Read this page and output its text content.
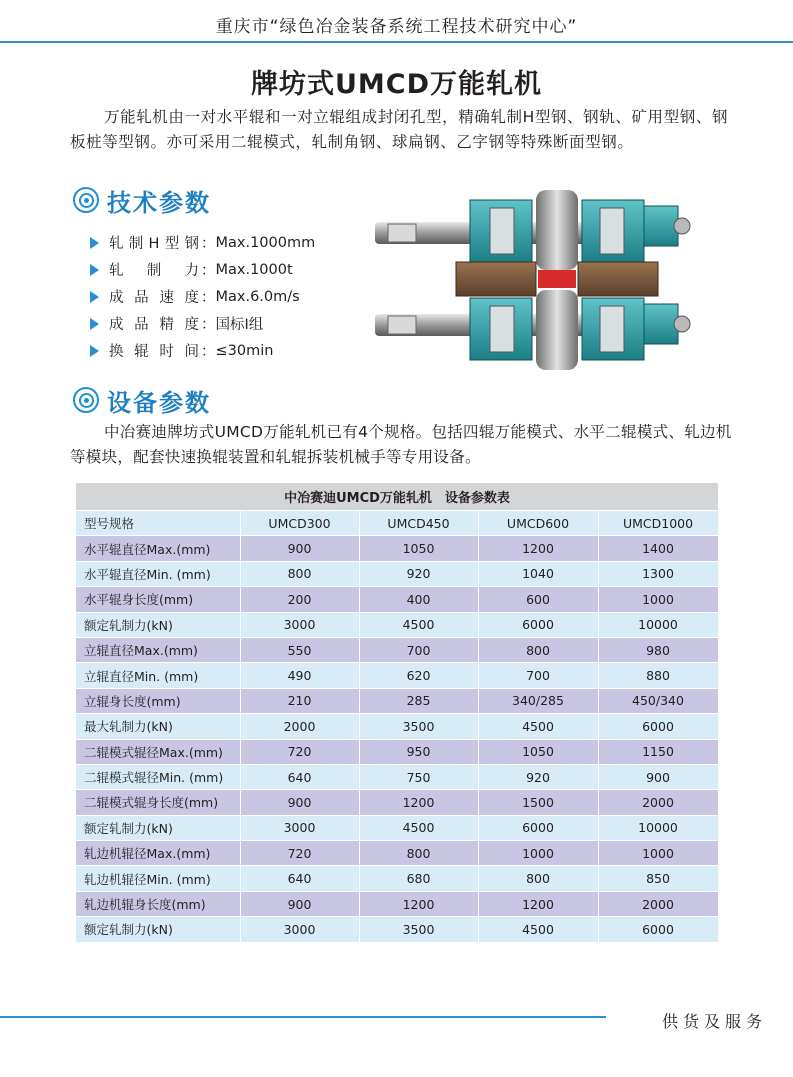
重庆市“绿色冶金装备系统工程技术研究中心”
牌坊式UMCD万能轧机

万能轧机由一对水平辊和一对立辊组成封闭孔型，精确轧制H型钢、钢轨、矿用型钢、钢板桩等型钢。亦可采用二辊模式，轧制角钢、球扁钢、乙字钢等特殊断面型钢。

技术参数
轧制H型钢 ： Max.1000mm
轧制力 ： Max.1000t
成品速度 ： Max.6.0m/s
成品精度 ： 国标Ⅰ组
换辊时间 ： ≤30min
设备参数

中冶赛迪牌坊式UMCD万能轧机已有4个规格。包括四辊万能模式、水平二辊模式、轧边机等模块，配套快速换辊装置和轧辊拆装机械手等专用设备。

中冶赛迪UMCD万能轧机　设备参数表				
型号规格	UMCD300	UMCD450	UMCD600	UMCD1000
水平辊直径Max.(mm)	900	1050	1200	1400
水平辊直径Min. (mm)	800	920	1040	1300
水平辊身长度(mm)	200	400	600	1000
额定轧制力(kN)	3000	4500	6000	10000
立辊直径Max.(mm)	550	700	800	980
立辊直径Min. (mm)	490	620	700	880
立辊身长度(mm)	210	285	340/285	450/340
最大轧制力(kN)	2000	3500	4500	6000
二辊模式辊径Max.(mm)	720	950	1050	1150
二辊模式辊径Min. (mm)	640	750	920	900
二辊模式辊身长度(mm)	900	1200	1500	2000
额定轧制力(kN)	3000	4500	6000	10000
轧边机辊径Max.(mm)	720	800	1000	1000
轧边机辊径Min. (mm)	640	680	800	850
轧边机辊身长度(mm)	900	1200	1200	2000
额定轧制力(kN)	3000	3500	4500	6000
供货及服务
